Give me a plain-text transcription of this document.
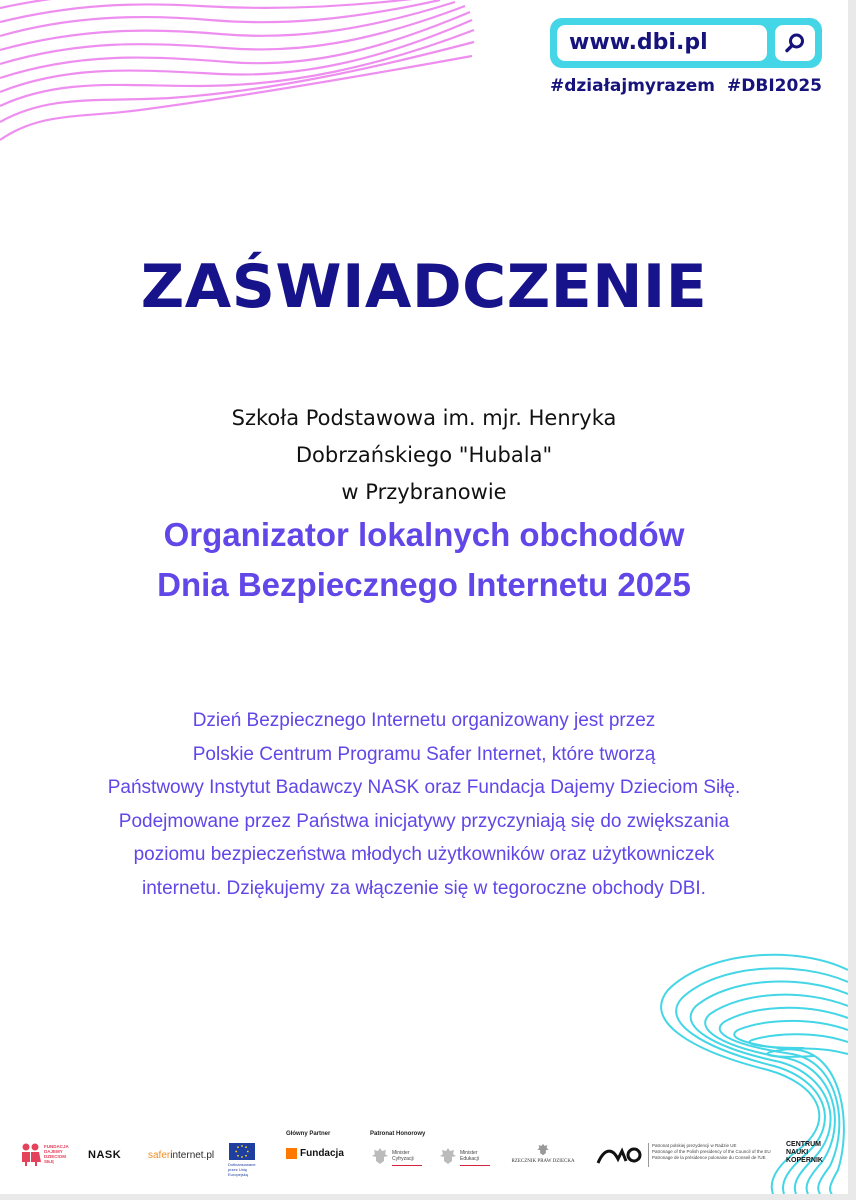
www.dbi.pl
#działajmyrazem #DBI2025
ZAŚWIADCZENIE
Szkoła Podstawowa im. mjr. Henryka
Dobrzańskiego "Hubala"
w Przybranowie
Organizator lokalnych obchodów
Dnia Bezpiecznego Internetu 2025
Dzień Bezpiecznego Internetu organizowany jest przez
Polskie Centrum Programu Safer Internet, które tworzą
Państwowy Instytut Badawczy NASK oraz Fundacja Dajemy Dzieciom Siłę.
Podejmowane przez Państwa inicjatywy przyczyniają się do zwiększania
poziomu bezpieczeństwa młodych użytkowników oraz użytkowniczek
internetu. Dziękujemy za włączenie się w tegoroczne obchody DBI.
FUNDACJA DAJEMY DZIECIOM SIŁĘ
NASK	saferinternet.pl
Dofinansowane przez Unię Europejską
Główny Partner
Fundacja
Patronat Honorowy
Minister Cyfryzacji
Minister Edukacji	RZECZNIK PRAW DZIECKA
Patronat polskiej prezydencji w Radzie UE
Patronage of the Polish presidency of the Council of the EU
Patronage de la présidence polonaise du Conseil de l'UE
CENTRUM
NAUKI
KOPERNIK
